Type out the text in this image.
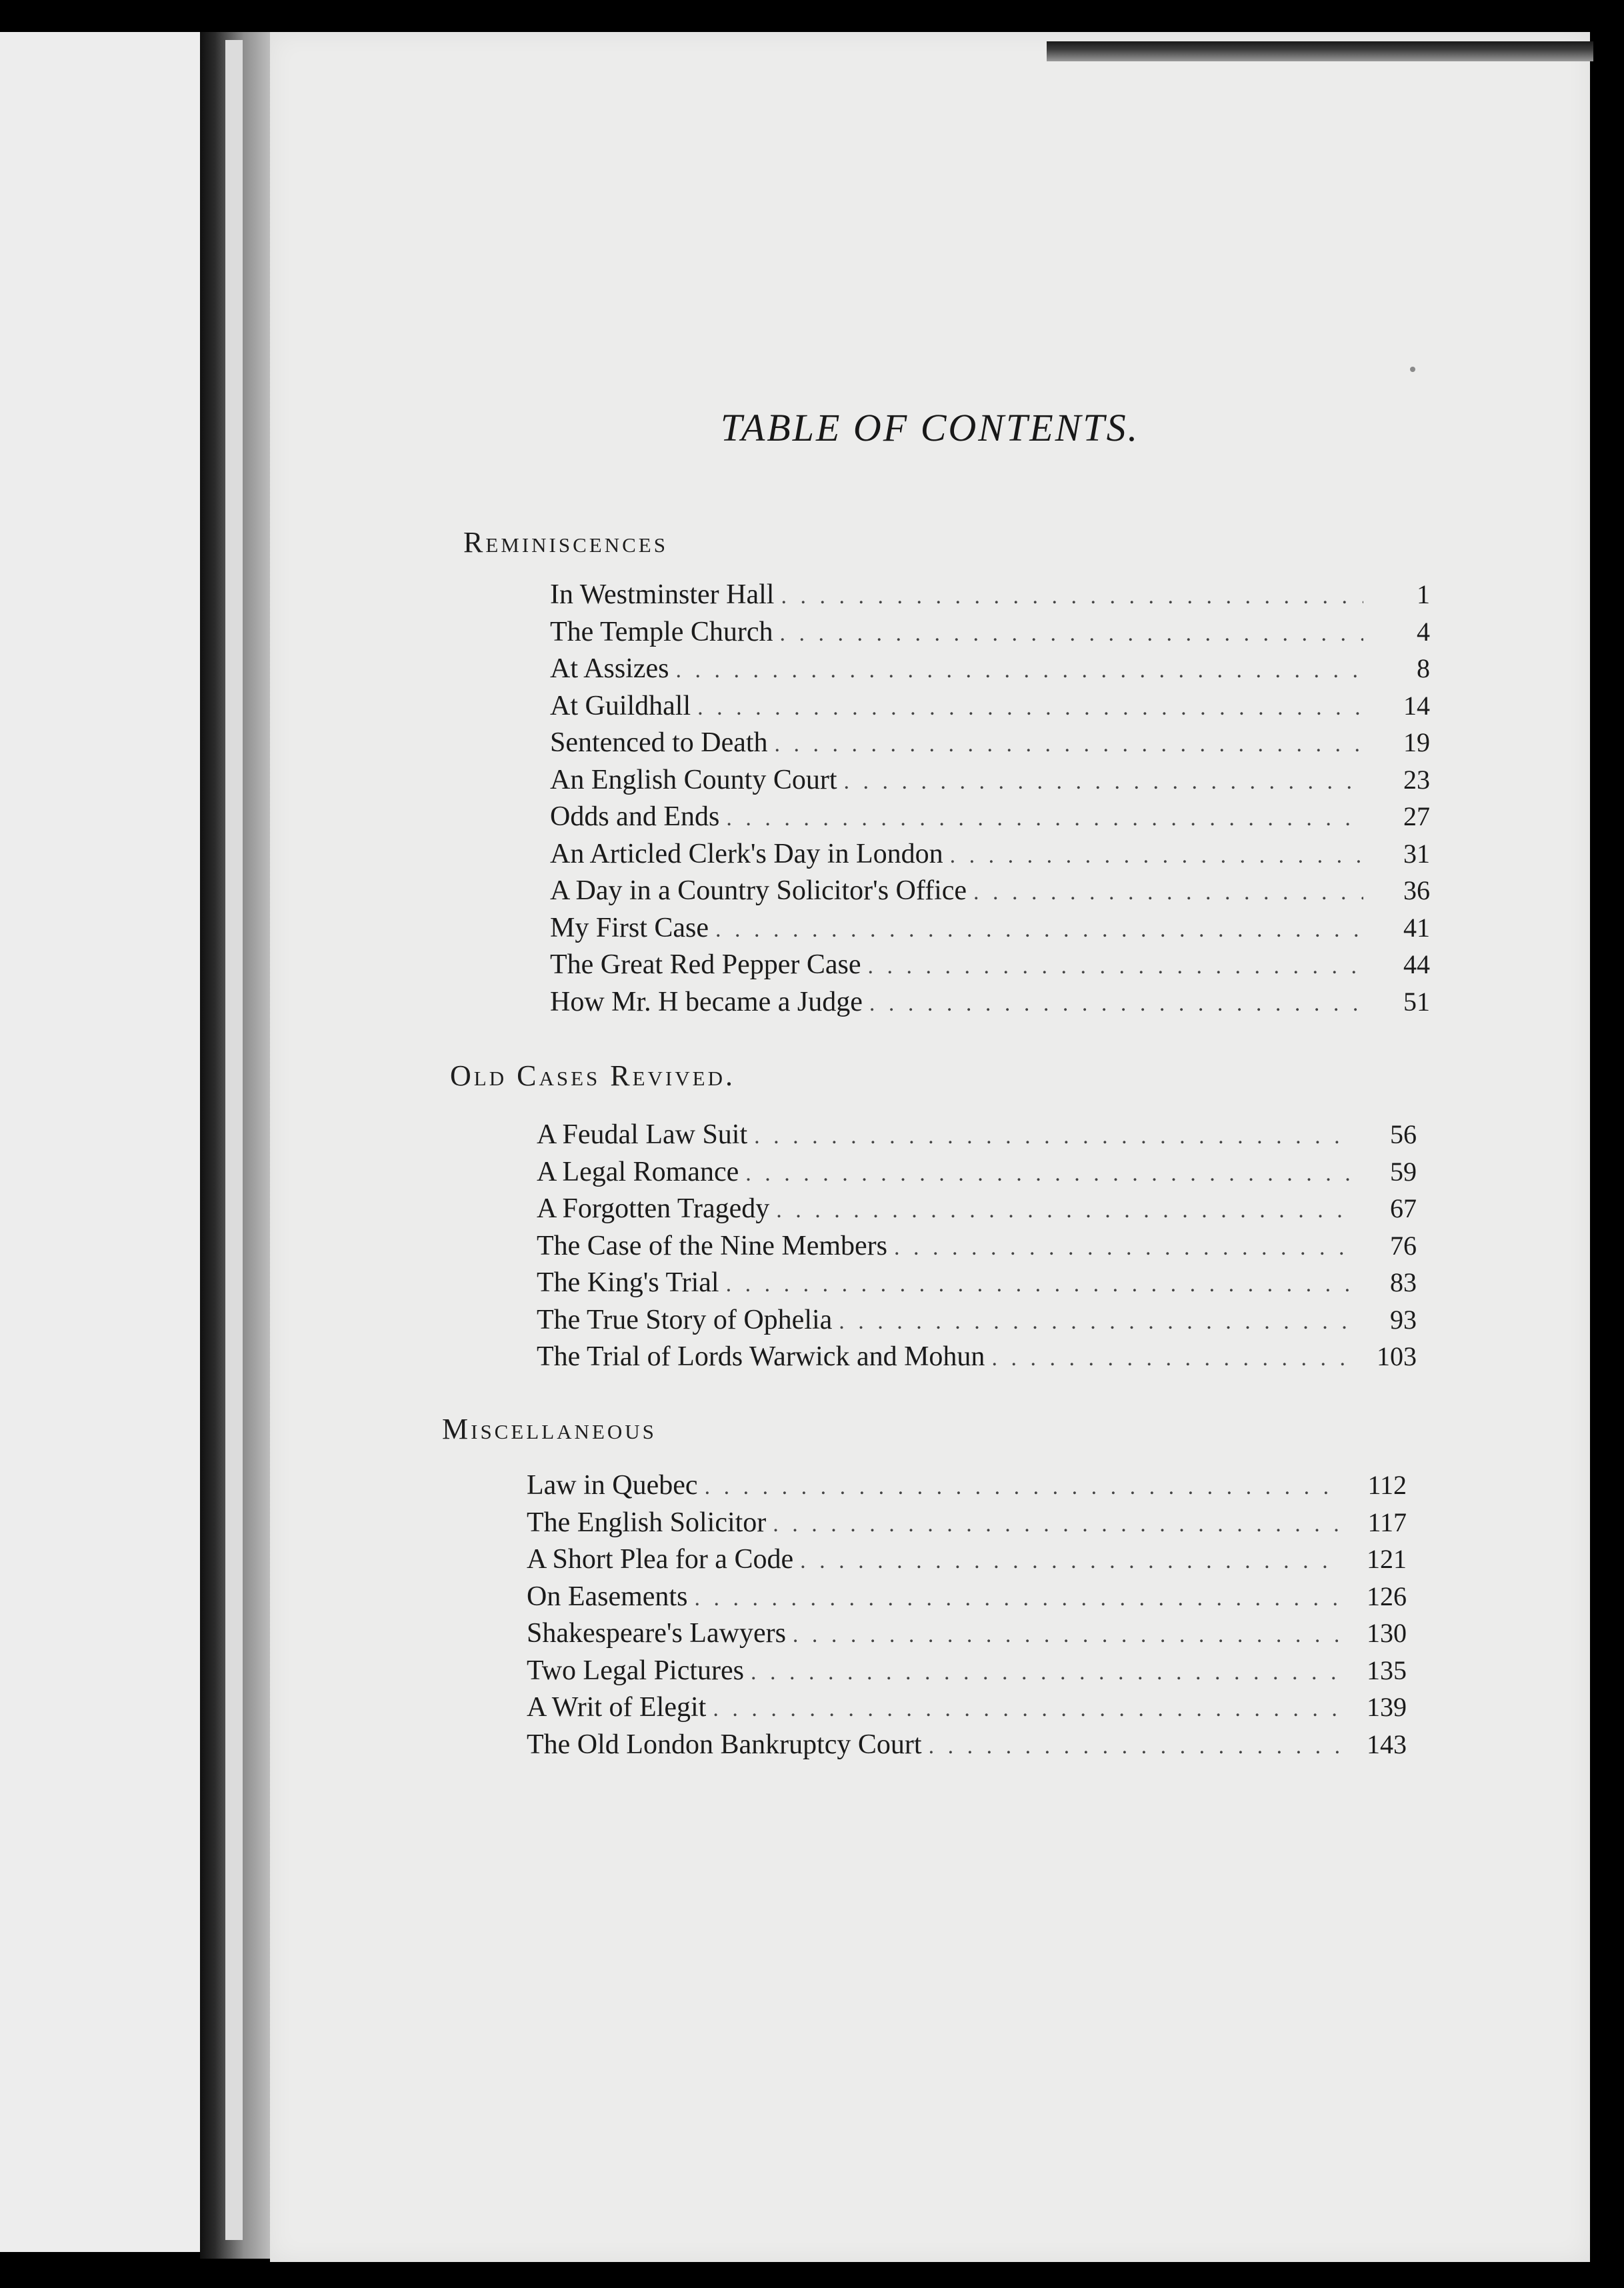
TABLE OF CONTENTS.
Reminiscences
In Westminster Hall . . .	1
The Temple Church . . .	4
At Assizes . . .	8
At Guildhall . . .	14
Sentenced to Death . . .	19
An English County Court . . .	23
Odds and Ends . . .	27
An Articled Clerk's Day in London . . .	31
A Day in a Country Solicitor's Office . . .	36
My First Case . . .	41
The Great Red Pepper Case . . .	44
How Mr. H became a Judge . . .	51
Old Cases Revived.
A Feudal Law Suit . . .	56
A Legal Romance . . .	59
A Forgotten Tragedy . . .	67
The Case of the Nine Members . . .	76
The King's Trial . . .	83
The True Story of Ophelia . . .	93
The Trial of Lords Warwick and Mohun . . .	103
Miscellaneous
Law in Quebec . . .	112
The English Solicitor . . .	117
A Short Plea for a Code . . .	121
On Easements . . .	126
Shakespeare's Lawyers . . .	130
Two Legal Pictures . . .	135
A Writ of Elegit . . .	139
The Old London Bankruptcy Court . . .	143
